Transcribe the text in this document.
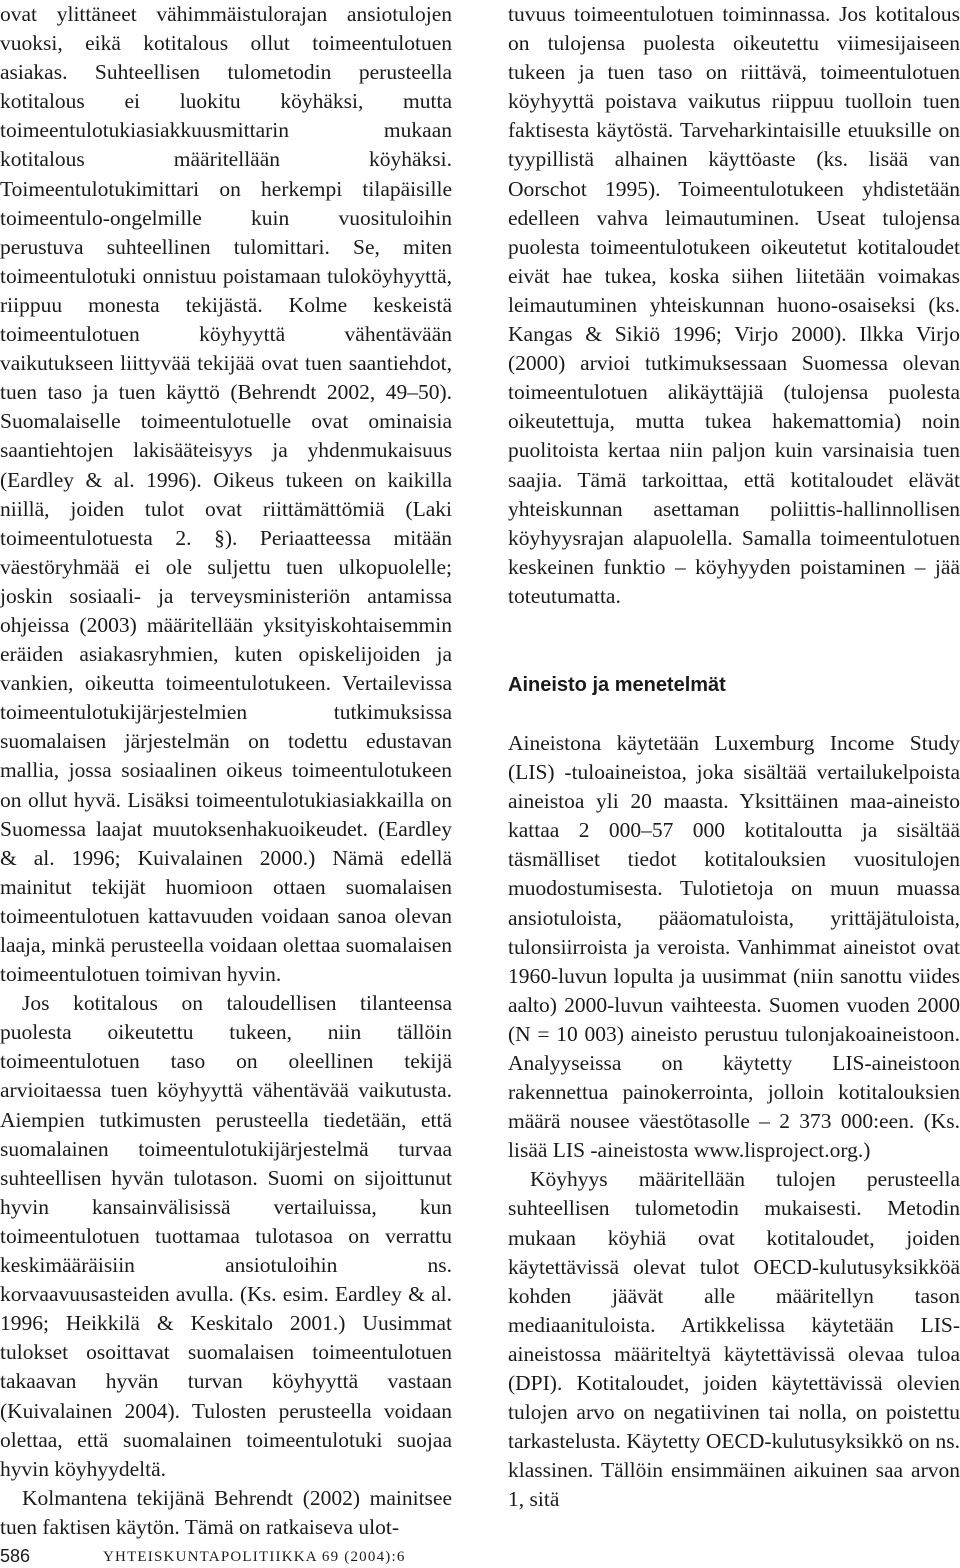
ovat ylittäneet vähimmäistulorajan ansiotulojen vuoksi, eikä kotitalous ollut toimeentulotuen asiakas. Suhteellisen tulometodin perusteella kotitalous ei luokitu köyhäksi, mutta toimeentulotukiasiakkuusmittarin mukaan kotitalous määritellään köyhäksi. Toimeentulotukimittari on herkempi tilapäisille toimeentulo-ongelmille kuin vuosituloihin perustuva suhteellinen tulomittari. Se, miten toimeentulotuki onnistuu poistamaan tuloköyhyyttä, riippuu monesta tekijästä. Kolme keskeistä toimeentulotuen köyhyyttä vähentävään vaikutukseen liittyvää tekijää ovat tuen saantiehdot, tuen taso ja tuen käyttö (Behrendt 2002, 49–50). Suomalaiselle toimeentulotuelle ovat ominaisia saantiehtojen lakisääteisyys ja yhdenmukaisuus (Eardley & al. 1996). Oikeus tukeen on kaikilla niillä, joiden tulot ovat riittämättömiä (Laki toimeentulotuesta 2. §). Periaatteessa mitään väestöryhmää ei ole suljettu tuen ulkopuolelle; joskin sosiaali- ja terveysministeriön antamissa ohjeissa (2003) määritellään yksityiskohtaisemmin eräiden asiakasryhmien, kuten opiskelijoiden ja vankien, oikeutta toimeentulotukeen. Vertailevissa toimeentulotukijärjestelmien tutkimuksissa suomalaisen järjestelmän on todettu edustavan mallia, jossa sosiaalinen oikeus toimeentulotukeen on ollut hyvä. Lisäksi toimeentulotukiasiakkailla on Suomessa laajat muutoksenhakuoikeudet. (Eardley & al. 1996; Kuivalainen 2000.) Nämä edellä mainitut tekijät huomioon ottaen suomalaisen toimeentulotuen kattavuuden voidaan sanoa olevan laaja, minkä perusteella voidaan olettaa suomalaisen toimeentulotuen toimivan hyvin.

Jos kotitalous on taloudellisen tilanteensa puolesta oikeutettu tukeen, niin tällöin toimeentulotuen taso on oleellinen tekijä arvioitaessa tuen köyhyyttä vähentävää vaikutusta. Aiempien tutkimusten perusteella tiedetään, että suomalainen toimeentulotukijärjestelmä turvaa suhteellisen hyvän tulotason. Suomi on sijoittunut hyvin kansainvälisissä vertailuissa, kun toimeentulotuen tuottamaa tulotasoa on verrattu keskimääräisiin ansiotuloihin ns. korvaavuusasteiden avulla. (Ks. esim. Eardley & al. 1996; Heikkilä & Keskitalo 2001.) Uusimmat tulokset osoittavat suomalaisen toimeentulotuen takaavan hyvän turvan köyhyyttä vastaan (Kuivalainen 2004). Tulosten perusteella voidaan olettaa, että suomalainen toimeentulotuki suojaa hyvin köyhyydeltä.

Kolmantena tekijänä Behrendt (2002) mainitsee tuen faktisen käytön. Tämä on ratkaiseva ulot-

tuvuus toimeentulotuen toiminnassa. Jos kotitalous on tulojensa puolesta oikeutettu viimesijaiseen tukeen ja tuen taso on riittävä, toimeentulotuen köyhyyttä poistava vaikutus riippuu tuolloin tuen faktisesta käytöstä. Tarveharkintaisille etuuksille on tyypillistä alhainen käyttöaste (ks. lisää van Oorschot 1995). Toimeentulotukeen yhdistetään edelleen vahva leimautuminen. Useat tulojensa puolesta toimeentulotukeen oikeutetut kotitaloudet eivät hae tukea, koska siihen liitetään voimakas leimautuminen yhteiskunnan huono-osaiseksi (ks. Kangas & Sikiö 1996; Virjo 2000). Ilkka Virjo (2000) arvioi tutkimuksessaan Suomessa olevan toimeentulotuen alikäyttäjiä (tulojensa puolesta oikeutettuja, mutta tukea hakemattomia) noin puolitoista kertaa niin paljon kuin varsinaisia tuen saajia. Tämä tarkoittaa, että kotitaloudet elävät yhteiskunnan asettaman poliittis-hallinnollisen köyhyysrajan alapuolella. Samalla toimeentulotuen keskeinen funktio – köyhyyden poistaminen – jää toteutumatta.

Aineisto ja menetelmät

Aineistona käytetään Luxemburg Income Study (LIS) -tuloaineistoa, joka sisältää vertailukelpoista aineistoa yli 20 maasta. Yksittäinen maa-aineisto kattaa 2 000–57 000 kotitaloutta ja sisältää täsmälliset tiedot kotitalouksien vuositulojen muodostumisesta. Tulotietoja on muun muassa ansiotuloista, pääomatuloista, yrittäjätuloista, tulonsiirroista ja veroista. Vanhimmat aineistot ovat 1960-luvun lopulta ja uusimmat (niin sanottu viides aalto) 2000-luvun vaihteesta. Suomen vuoden 2000 (N = 10 003) aineisto perustuu tulonjakoaineistoon. Analyyseissa on käytetty LIS-aineistoon rakennettua painokerrointa, jolloin kotitalouksien määrä nousee väestötasolle – 2 373 000:een. (Ks. lisää LIS -aineistosta www.lisproject.org.)

Köyhyys määritellään tulojen perusteella suhteellisen tulometodin mukaisesti. Metodin mukaan köyhiä ovat kotitaloudet, joiden käytettävissä olevat tulot OECD-kulutusyksikköä kohden jäävät alle määritellyn tason mediaanituloista. Artikkelissa käytetään LIS-aineistossa määriteltyä käytettävissä olevaa tuloa (DPI). Kotitaloudet, joiden käytettävissä olevien tulojen arvo on negatiivinen tai nolla, on poistettu tarkastelusta. Käytetty OECD-kulutusyksikkö on ns. klassinen. Tällöin ensimmäinen aikuinen saa arvon 1, sitä

586	YHTEISKUNTAPOLITIIKKA 69 (2004):6
